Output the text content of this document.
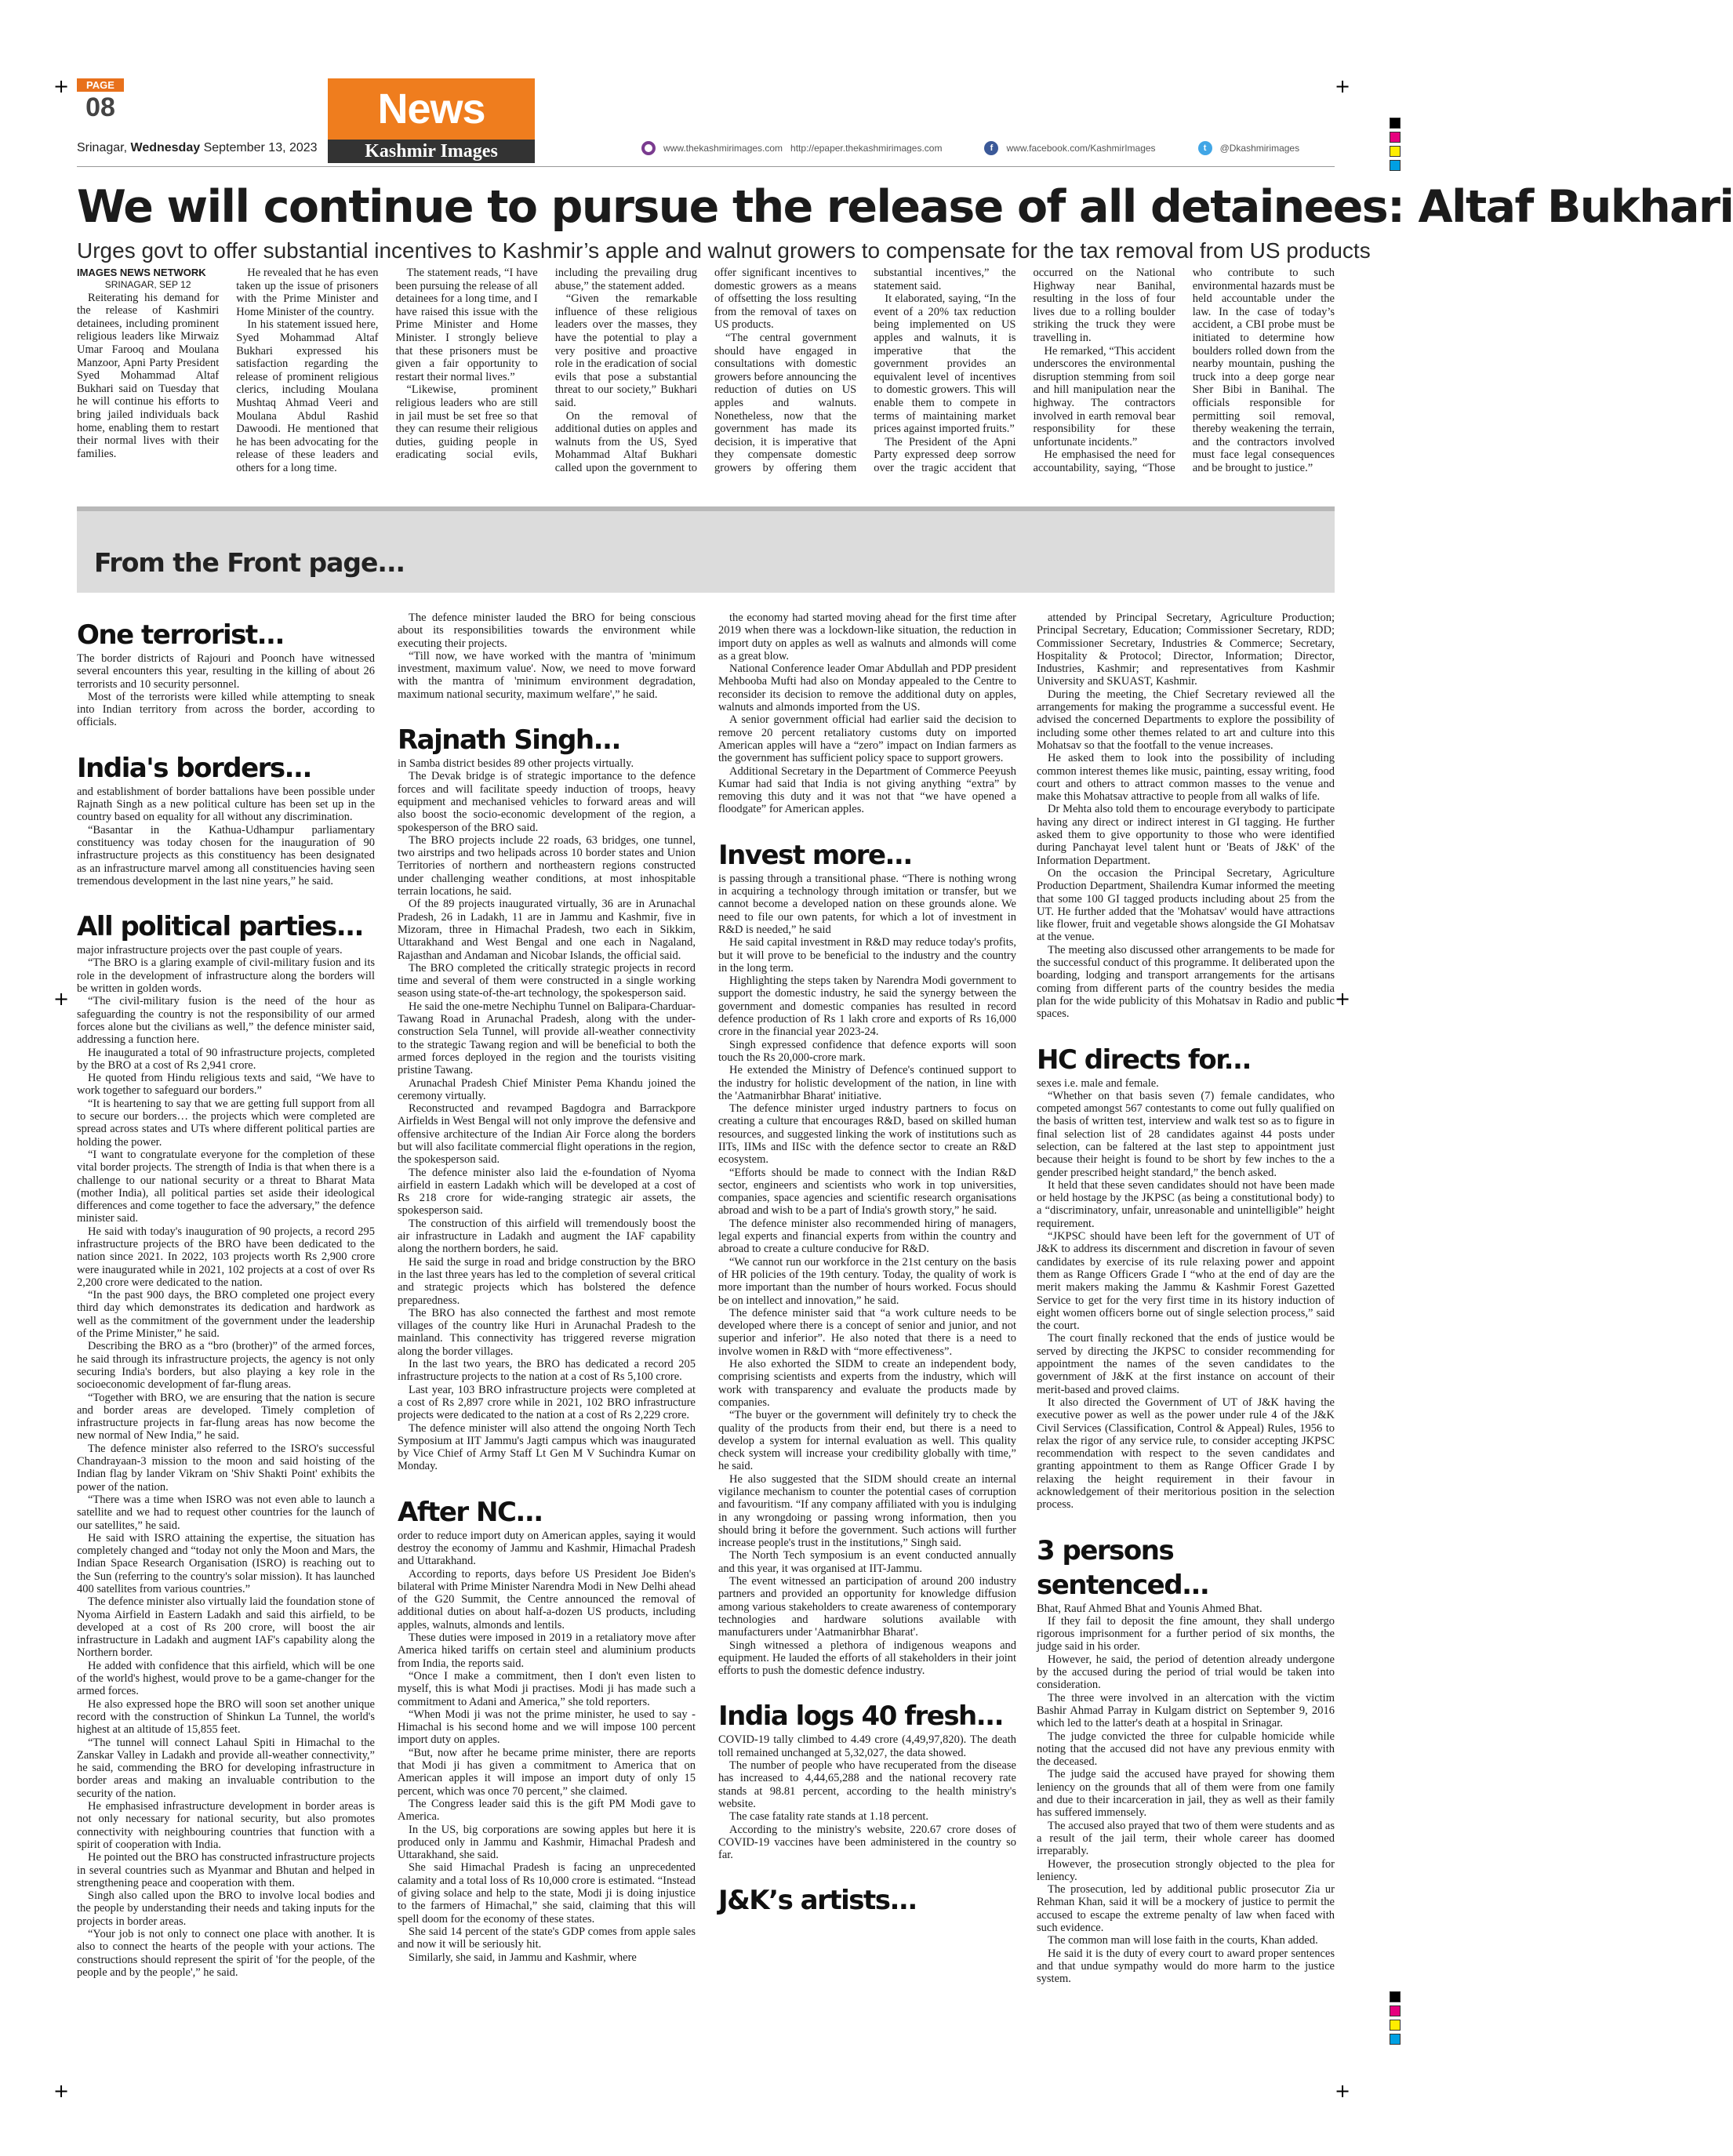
+	+
+	+
+	+
PAGE
08
Srinagar, Wednesday September 13, 2023
News
Kashmir Images	www.thekashmirimages.com http://epaper.thekashmirimages.com	f	www.facebook.com/KashmirImages	t	@Dkashmirimages
We will continue to pursue the release of all detainees: Altaf Bukhari
Urges govt to offer substantial incentives to Kashmir’s apple and walnut growers to compensate for the tax removal from US products

IMAGES NEWS NETWORK

SRINAGAR, SEP 12

Reiterating his demand for the release of Kashmiri detainees, including prominent religious leaders like Mirwaiz Umar Farooq and Moulana Manzoor, Apni Party President Syed Mohammad Altaf Bukhari said on Tuesday that he will continue his efforts to bring jailed individuals back home, enabling them to restart their normal lives with their families.

He revealed that he has even taken up the issue of prisoners with the Prime Minister and Home Minister of the country.

In his statement issued here, Syed Mohammad Altaf Bukhari expressed his satisfaction regarding the release of prominent religious clerics, including Moulana Mushtaq Ahmad Veeri and Moulana Abdul Rashid Dawoodi. He mentioned that he has been advocating for the release of these leaders and others for a long time.

The statement reads, “I have been pursuing the release of all detainees for a long time, and I have raised this issue with the Prime Minister and Home Minister. I strongly believe that these prisoners must be given a fair opportunity to restart their normal lives.”

“Likewise, prominent religious leaders who are still in jail must be set free so that they can resume their religious duties, guiding people in eradicating social evils, including the prevailing drug abuse,” the statement added.

“Given the remarkable influence of these religious leaders over the masses, they have the potential to play a very positive and proactive role in the eradication of social evils that pose a substantial threat to our society,” Bukhari said.

On the removal of additional duties on apples and walnuts from the US, Syed Mohammad Altaf Bukhari called upon the government to offer significant incentives to domestic growers as a means of offsetting the loss resulting from the removal of taxes on US products.

“The central government should have engaged in consultations with domestic growers before announcing the reduction of duties on US apples and walnuts. Nonetheless, now that the government has made its decision, it is imperative that they compensate domestic growers by offering them substantial incentives,” the statement said.

It elaborated, saying, “In the event of a 20% tax reduction being implemented on US apples and walnuts, it is imperative that the government provides an equivalent level of incentives to domestic growers. This will enable them to compete in terms of maintaining market prices against imported fruits.”

The President of the Apni Party expressed deep sorrow over the tragic accident that occurred on the National Highway near Banihal, resulting in the loss of four lives due to a rolling boulder striking the truck they were travelling in.

He remarked, “This accident underscores the environmental disruption stemming from soil and hill manipulation near the highway. The contractors involved in earth removal bear responsibility for these unfortunate incidents.”

He emphasised the need for accountability, saying, “Those who contribute to such environmental hazards must be held accountable under the law. In the case of today’s accident, a CBI probe must be initiated to determine how boulders rolled down from the nearby mountain, pushing the truck into a deep gorge near Sher Bibi in Banihal. The officials responsible for permitting soil removal, thereby weakening the terrain, and the contractors involved must face legal consequences and be brought to justice.”

From the Front page...
One terrorist...

The border districts of Rajouri and Poonch have witnessed several encounters this year, resulting in the killing of about 26 terrorists and 10 security personnel.

Most of the terrorists were killed while attempting to sneak into Indian territory from across the border, according to officials.

India's borders...

and establishment of border battalions have been possible under Rajnath Singh as a new political culture has been set up in the country based on equality for all without any discrimination.

“Basantar in the Kathua-Udhampur parliamentary constituency was today chosen for the inauguration of 90 infrastructure projects as this constituency has been designated as an infrastructure marvel among all constituencies having seen tremendous development in the last nine years,” he said.

All political parties...

major infrastructure projects over the past couple of years.

“The BRO is a glaring example of civil-military fusion and its role in the development of infrastructure along the borders will be written in golden words.

“The civil-military fusion is the need of the hour as safeguarding the country is not the responsibility of our armed forces alone but the civilians as well,” the defence minister said, addressing a function here.

He inaugurated a total of 90 infrastructure projects, completed by the BRO at a cost of Rs 2,941 crore.

He quoted from Hindu religious texts and said, “We have to work together to safeguard our borders.”

“It is heartening to say that we are getting full support from all to secure our borders… the projects which were completed are spread across states and UTs where different political parties are holding the power.

“I want to congratulate everyone for the completion of these vital border projects. The strength of India is that when there is a challenge to our national security or a threat to Bharat Mata (mother India), all political parties set aside their ideological differences and come together to face the adversary,” the defence minister said.

He said with today's inauguration of 90 projects, a record 295 infrastructure projects of the BRO have been dedicated to the nation since 2021. In 2022, 103 projects worth Rs 2,900 crore were inaugurated while in 2021, 102 projects at a cost of over Rs 2,200 crore were dedicated to the nation.

“In the past 900 days, the BRO completed one project every third day which demonstrates its dedication and hardwork as well as the commitment of the government under the leadership of the Prime Minister,” he said.

Describing the BRO as a “bro (brother)” of the armed forces, he said through its infrastructure projects, the agency is not only securing India's borders, but also playing a key role in the socioeconomic development of far-flung areas.

“Together with BRO, we are ensuring that the nation is secure and border areas are developed. Timely completion of infrastructure projects in far-flung areas has now become the new normal of New India,” he said.

The defence minister also referred to the ISRO's successful Chandrayaan-3 mission to the moon and said hoisting of the Indian flag by lander Vikram on 'Shiv Shakti Point' exhibits the power of the nation.

“There was a time when ISRO was not even able to launch a satellite and we had to request other countries for the launch of our satellites,” he said.

He said with ISRO attaining the expertise, the situation has completely changed and “today not only the Moon and Mars, the Indian Space Research Organisation (ISRO) is reaching out to the Sun (referring to the country's solar mission). It has launched 400 satellites from various countries.”

The defence minister also virtually laid the foundation stone of Nyoma Airfield in Eastern Ladakh and said this airfield, to be developed at a cost of Rs 200 crore, will boost the air infrastructure in Ladakh and augment IAF's capability along the Northern border.

He added with confidence that this airfield, which will be one of the world's highest, would prove to be a game-changer for the armed forces.

He also expressed hope the BRO will soon set another unique record with the construction of Shinkun La Tunnel, the world's highest at an altitude of 15,855 feet.

“The tunnel will connect Lahaul Spiti in Himachal to the Zanskar Valley in Ladakh and provide all-weather connectivity,” he said, commending the BRO for developing infrastructure in border areas and making an invaluable contribution to the security of the nation.

He emphasised infrastructure development in border areas is not only necessary for national security, but also promotes connectivity with neighbouring countries that function with a spirit of cooperation with India.

He pointed out the BRO has constructed infrastructure projects in several countries such as Myanmar and Bhutan and helped in strengthening peace and cooperation with them.

Singh also called upon the BRO to involve local bodies and the people by understanding their needs and taking inputs for the projects in border areas.

“Your job is not only to connect one place with another. It is also to connect the hearts of the people with your actions. The constructions should represent the spirit of 'for the people, of the people and by the people',” he said.

The defence minister lauded the BRO for being conscious about its responsibilities towards the environment while executing their projects.

“Till now, we have worked with the mantra of 'minimum investment, maximum value'. Now, we need to move forward with the mantra of 'minimum environment degradation, maximum national security, maximum welfare',” he said.

Rajnath Singh...

in Samba district besides 89 other projects virtually.

The Devak bridge is of strategic importance to the defence forces and will facilitate speedy induction of troops, heavy equipment and mechanised vehicles to forward areas and will also boost the socio-economic development of the region, a spokesperson of the BRO said.

The BRO projects include 22 roads, 63 bridges, one tunnel, two airstrips and two helipads across 10 border states and Union Territories of northern and northeastern regions constructed under challenging weather conditions, at most inhospitable terrain locations, he said.

Of the 89 projects inaugurated virtually, 36 are in Arunachal Pradesh, 26 in Ladakh, 11 are in Jammu and Kashmir, five in Mizoram, three in Himachal Pradesh, two each in Sikkim, Uttarakhand and West Bengal and one each in Nagaland, Rajasthan and Andaman and Nicobar Islands, the official said.

The BRO completed the critically strategic projects in record time and several of them were constructed in a single working season using state-of-the-art technology, the spokesperson said.

He said the one-metre Nechiphu Tunnel on Balipara-Charduar-Tawang Road in Arunachal Pradesh, along with the under-construction Sela Tunnel, will provide all-weather connectivity to the strategic Tawang region and will be beneficial to both the armed forces deployed in the region and the tourists visiting pristine Tawang.

Arunachal Pradesh Chief Minister Pema Khandu joined the ceremony virtually.

Reconstructed and revamped Bagdogra and Barrackpore Airfields in West Bengal will not only improve the defensive and offensive architecture of the Indian Air Force along the borders but will also facilitate commercial flight operations in the region, the spokesperson said.

The defence minister also laid the e-foundation of Nyoma airfield in eastern Ladakh which will be developed at a cost of Rs 218 crore for wide-ranging strategic air assets, the spokesperson said.

The construction of this airfield will tremendously boost the air infrastructure in Ladakh and augment the IAF capability along the northern borders, he said.

He said the surge in road and bridge construction by the BRO in the last three years has led to the completion of several critical and strategic projects which has bolstered the defence preparedness.

The BRO has also connected the farthest and most remote villages of the country like Huri in Arunachal Pradesh to the mainland. This connectivity has triggered reverse migration along the border villages.

In the last two years, the BRO has dedicated a record 205 infrastructure projects to the nation at a cost of Rs 5,100 crore.

Last year, 103 BRO infrastructure projects were completed at a cost of Rs 2,897 crore while in 2021, 102 BRO infrastructure projects were dedicated to the nation at a cost of Rs 2,229 crore.

The defence minister will also attend the ongoing North Tech Symposium at IIT Jammu's Jagti campus which was inaugurated by Vice Chief of Army Staff Lt Gen M V Suchindra Kumar on Monday.

After NC...

order to reduce import duty on American apples, saying it would destroy the economy of Jammu and Kashmir, Himachal Pradesh and Uttarakhand.

According to reports, days before US President Joe Biden's bilateral with Prime Minister Narendra Modi in New Delhi ahead of the G20 Summit, the Centre announced the removal of additional duties on about half-a-dozen US products, including apples, walnuts, almonds and lentils.

These duties were imposed in 2019 in a retaliatory move after America hiked tariffs on certain steel and aluminium products from India, the reports said.

“Once I make a commitment, then I don't even listen to myself, this is what Modi ji practises. Modi ji has made such a commitment to Adani and America,” she told reporters.

“When Modi ji was not the prime minister, he used to say - Himachal is his second home and we will impose 100 percent import duty on apples.

“But, now after he became prime minister, there are reports that Modi ji has given a commitment to America that on American apples it will impose an import duty of only 15 percent, which was once 70 percent,” she claimed.

The Congress leader said this is the gift PM Modi gave to America.

In the US, big corporations are sowing apples but here it is produced only in Jammu and Kashmir, Himachal Pradesh and Uttarakhand, she said.

She said Himachal Pradesh is facing an unprecedented calamity and a total loss of Rs 10,000 crore is estimated. “Instead of giving solace and help to the state, Modi ji is doing injustice to the farmers of Himachal,” she said, claiming that this will spell doom for the economy of these states.

She said 14 percent of the state's GDP comes from apple sales and now it will be seriously hit.

Similarly, she said, in Jammu and Kashmir, where

the economy had started moving ahead for the first time after 2019 when there was a lockdown-like situation, the reduction in import duty on apples as well as walnuts and almonds will come as a great blow.

National Conference leader Omar Abdullah and PDP president Mehbooba Mufti had also on Monday appealed to the Centre to reconsider its decision to remove the additional duty on apples, walnuts and almonds imported from the US.

A senior government official had earlier said the decision to remove 20 percent retaliatory customs duty on imported American apples will have a “zero” impact on Indian farmers as the government has sufficient policy space to support growers.

Additional Secretary in the Department of Commerce Peeyush Kumar had said that India is not giving anything “extra” by removing this duty and it was not that “we have opened a floodgate” for American apples.

Invest more...

is passing through a transitional phase. “There is nothing wrong in acquiring a technology through imitation or transfer, but we cannot become a developed nation on these grounds alone. We need to file our own patents, for which a lot of investment in R&D is needed,” he said

He said capital investment in R&D may reduce today's profits, but it will prove to be beneficial to the industry and the country in the long term.

Highlighting the steps taken by Narendra Modi government to support the domestic industry, he said the synergy between the government and domestic companies has resulted in record defence production of Rs 1 lakh crore and exports of Rs 16,000 crore in the financial year 2023-24.

Singh expressed confidence that defence exports will soon touch the Rs 20,000-crore mark.

He extended the Ministry of Defence's continued support to the industry for holistic development of the nation, in line with the 'Aatmanirbhar Bharat' initiative.

The defence minister urged industry partners to focus on creating a culture that encourages R&D, based on skilled human resources, and suggested linking the work of institutions such as IITs, IIMs and IISc with the defence sector to create an R&D ecosystem.

“Efforts should be made to connect with the Indian R&D sector, engineers and scientists who work in top universities, companies, space agencies and scientific research organisations abroad and wish to be a part of India's growth story,” he said.

The defence minister also recommended hiring of managers, legal experts and financial experts from within the country and abroad to create a culture conducive for R&D.

“We cannot run our workforce in the 21st century on the basis of HR policies of the 19th century. Today, the quality of work is more important than the number of hours worked. Focus should be on intellect and innovation,” he said.

The defence minister said that “a work culture needs to be developed where there is a concept of senior and junior, and not superior and inferior”. He also noted that there is a need to involve women in R&D with “more effectiveness”.

He also exhorted the SIDM to create an independent body, comprising scientists and experts from the industry, which will work with transparency and evaluate the products made by companies.

“The buyer or the government will definitely try to check the quality of the products from their end, but there is a need to develop a system for internal evaluation as well. This quality check system will increase your credibility globally with time,” he said.

He also suggested that the SIDM should create an internal vigilance mechanism to counter the potential cases of corruption and favouritism. “If any company affiliated with you is indulging in any wrongdoing or passing wrong information, then you should bring it before the government. Such actions will further increase people's trust in the institutions,” Singh said.

The North Tech symposium is an event conducted annually and this year, it was organised at IIT-Jammu.

The event witnessed an participation of around 200 industry partners and provided an opportunity for knowledge diffusion among various stakeholders to create awareness of contemporary technologies and hardware solutions available with manufacturers under 'Aatmanirbhar Bharat'.

Singh witnessed a plethora of indigenous weapons and equipment. He lauded the efforts of all stakeholders in their joint efforts to push the domestic defence industry.

India logs 40 fresh...

COVID-19 tally climbed to 4.49 crore (4,49,97,820). The death toll remained unchanged at 5,32,027, the data showed.

The number of people who have recuperated from the disease has increased to 4,44,65,288 and the national recovery rate stands at 98.81 percent, according to the health ministry's website.

The case fatality rate stands at 1.18 percent.

According to the ministry's website, 220.67 crore doses of COVID-19 vaccines have been administered in the country so far.

J&K’s artists...

attended by Principal Secretary, Agriculture Production; Principal Secretary, Education; Commissioner Secretary, RDD; Commissioner Secretary, Industries & Commerce; Secretary, Hospitality & Protocol; Director, Information; Director, Industries, Kashmir; and representatives from Kashmir University and SKUAST, Kashmir.

During the meeting, the Chief Secretary reviewed all the arrangements for making the programme a successful event. He advised the concerned Departments to explore the possibility of including some other themes related to art and culture into this Mohatsav so that the footfall to the venue increases.

He asked them to look into the possibility of including common interest themes like music, painting, essay writing, food court and others to attract common masses to the venue and make this Mohatsav attractive to people from all walks of life.

Dr Mehta also told them to encourage everybody to participate having any direct or indirect interest in GI tagging. He further asked them to give opportunity to those who were identified during Panchayat level talent hunt or 'Beats of J&K' of the Information Department.

On the occasion the Principal Secretary, Agriculture Production Department, Shailendra Kumar informed the meeting that some 100 GI tagged products including about 25 from the UT. He further added that the 'Mohatsav' would have attractions like flower, fruit and vegetable shows alongside the GI Mohatsav at the venue.

The meeting also discussed other arrangements to be made for the successful conduct of this programme. It deliberated upon the boarding, lodging and transport arrangements for the artisans coming from different parts of the country besides the media plan for the wide publicity of this Mohatsav in Radio and public spaces.

HC directs for...

sexes i.e. male and female.

“Whether on that basis seven (7) female candidates, who competed amongst 567 contestants to come out fully qualified on the basis of written test, interview and walk test so as to figure in final selection list of 28 candidates against 44 posts under selection, can be faltered at the last step to appointment just because their height is found to be short by few inches to the a gender prescribed height standard,” the bench asked.

It held that these seven candidates should not have been made or held hostage by the JKPSC (as being a constitutional body) to a “discriminatory, unfair, unreasonable and unintelligible” height requirement.

“JKPSC should have been left for the government of UT of J&K to address its discernment and discretion in favour of seven candidates by exercise of its rule relaxing power and appoint them as Range Officers Grade I “who at the end of day are the merit makers making the Jammu & Kashmir Forest Gazetted Service to get for the very first time in its history induction of eight women officers borne out of single selection process,” said the court.

The court finally reckoned that the ends of justice would be served by directing the JKPSC to consider recommending for appointment the names of the seven candidates to the government of J&K at the first instance on account of their merit-based and proved claims.

It also directed the Government of UT of J&K having the executive power as well as the power under rule 4 of the J&K Civil Services (Classification, Control & Appeal) Rules, 1956 to relax the rigor of any service rule, to consider accepting JKPSC recommendation with respect to the seven candidates and granting appointment to them as Range Officer Grade I by relaxing the height requirement in their favour in acknowledgement of their meritorious position in the selection process.

3 persons sentenced...

Bhat, Rauf Ahmed Bhat and Younis Ahmed Bhat.

If they fail to deposit the fine amount, they shall undergo rigorous imprisonment for a further period of six months, the judge said in his order.

However, he said, the period of detention already undergone by the accused during the period of trial would be taken into consideration.

The three were involved in an altercation with the victim Bashir Ahmad Parray in Kulgam district on September 9, 2016 which led to the latter's death at a hospital in Srinagar.

The judge convicted the three for culpable homicide while noting that the accused did not have any previous enmity with the deceased.

The judge said the accused have prayed for showing them leniency on the grounds that all of them were from one family and due to their incarceration in jail, they as well as their family has suffered immensely.

The accused also prayed that two of them were students and as a result of the jail term, their whole career has doomed irreparably.

However, the prosecution strongly objected to the plea for leniency.

The prosecution, led by additional public prosecutor Zia ur Rehman Khan, said it will be a mockery of justice to permit the accused to escape the extreme penalty of law when faced with such evidence.

The common man will lose faith in the courts, Khan added.

He said it is the duty of every court to award proper sentences and that undue sympathy would do more harm to the justice system.
